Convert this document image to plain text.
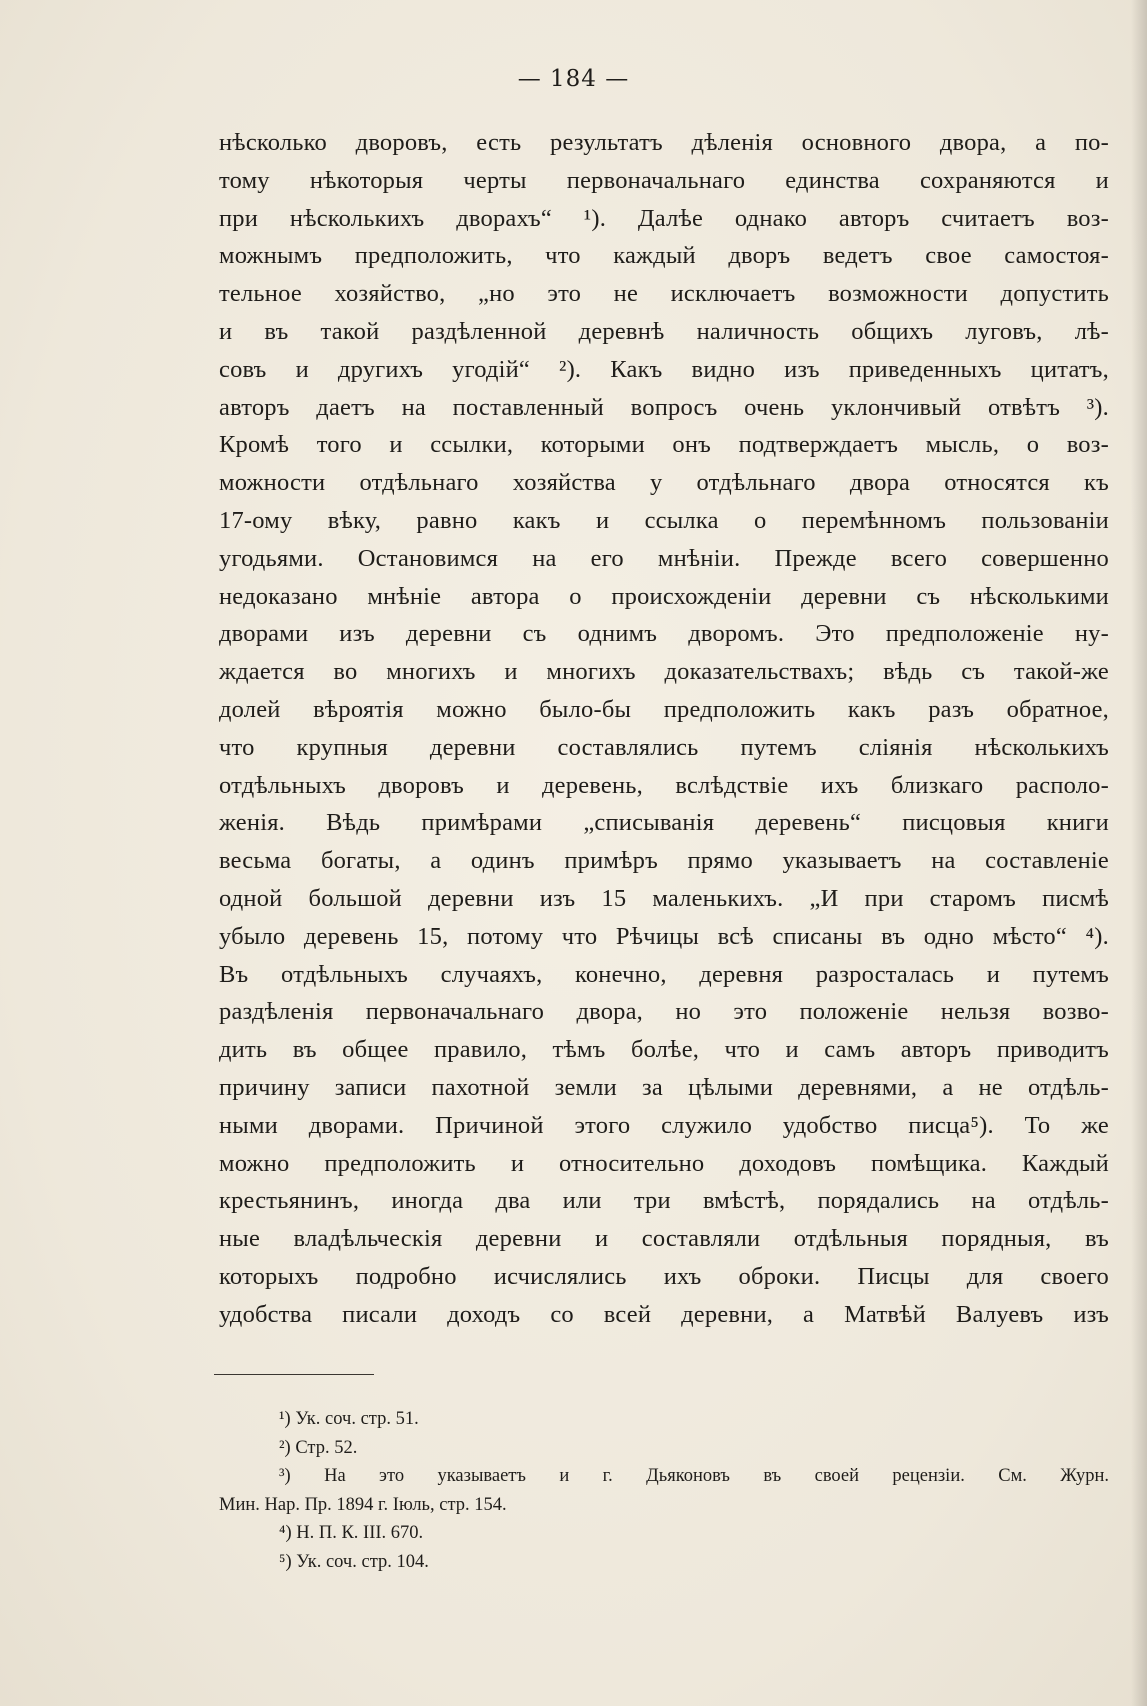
— 184 —
нѣсколько дворовъ, есть результатъ дѣленія основного двора, а по-
тому нѣкоторыя черты первоначальнаго единства сохраняются и
при нѣсколькихъ дворахъ“ ¹). Далѣе однако авторъ считаетъ воз-
можнымъ предположить, что каждый дворъ ведетъ свое самостоя-
тельное хозяйство, „но это не исключаетъ возможности допустить
и въ такой раздѣленной деревнѣ наличность общихъ луговъ, лѣ-
совъ и другихъ угодій“ ²). Какъ видно изъ приведенныхъ цитатъ,
авторъ даетъ на поставленный вопросъ очень уклончивый отвѣтъ ³).
Кромѣ того и ссылки, которыми онъ подтверждаетъ мысль, о воз-
можности отдѣльнаго хозяйства у отдѣльнаго двора относятся къ
17-ому вѣку, равно какъ и ссылка о перемѣнномъ пользованіи
угодьями. Остановимся на его мнѣніи. Прежде всего совершенно
недоказано мнѣніе автора о происхожденіи деревни съ нѣсколькими
дворами изъ деревни съ однимъ дворомъ. Это предположеніе ну-
ждается во многихъ и многихъ доказательствахъ; вѣдь съ такой-же
долей вѣроятія можно было-бы предположить какъ разъ обратное,
что крупныя деревни составлялись путемъ сліянія нѣсколькихъ
отдѣльныхъ дворовъ и деревень, вслѣдствіе ихъ близкаго располо-
женія. Вѣдь примѣрами „списыванія деревень“ писцовыя книги
весьма богаты, а одинъ примѣръ прямо указываетъ на составленіе
одной большой деревни изъ 15 маленькихъ. „И при старомъ писмѣ
убыло деревень 15, потому что Рѣчицы всѣ списаны въ одно мѣсто“ ⁴).
Въ отдѣльныхъ случаяхъ, конечно, деревня разросталась и путемъ
раздѣленія первоначальнаго двора, но это положеніе нельзя возво-
дить въ общее правило, тѣмъ болѣе, что и самъ авторъ приводитъ
причину записи пахотной земли за цѣлыми деревнями, а не отдѣль-
ными дворами. Причиной этого служило удобство писца⁵). То же
можно предположить и относительно доходовъ помѣщика. Каждый
крестьянинъ, иногда два или три вмѣстѣ, порядались на отдѣль-
ные владѣльческія деревни и составляли отдѣльныя порядныя, въ
которыхъ подробно исчислялись ихъ оброки. Писцы для своего
удобства писали доходъ со всей деревни, а Матвѣй Валуевъ изъ
¹) Ук. соч. стр. 51.
²) Стр. 52.
³) На это указываетъ и г. Дьяконовъ въ своей рецензіи. См. Журн.
Мин. Нар. Пр. 1894 г. Іюль, стр. 154.
⁴) Н. П. К. III. 670.
⁵) Ук. соч. стр. 104.
